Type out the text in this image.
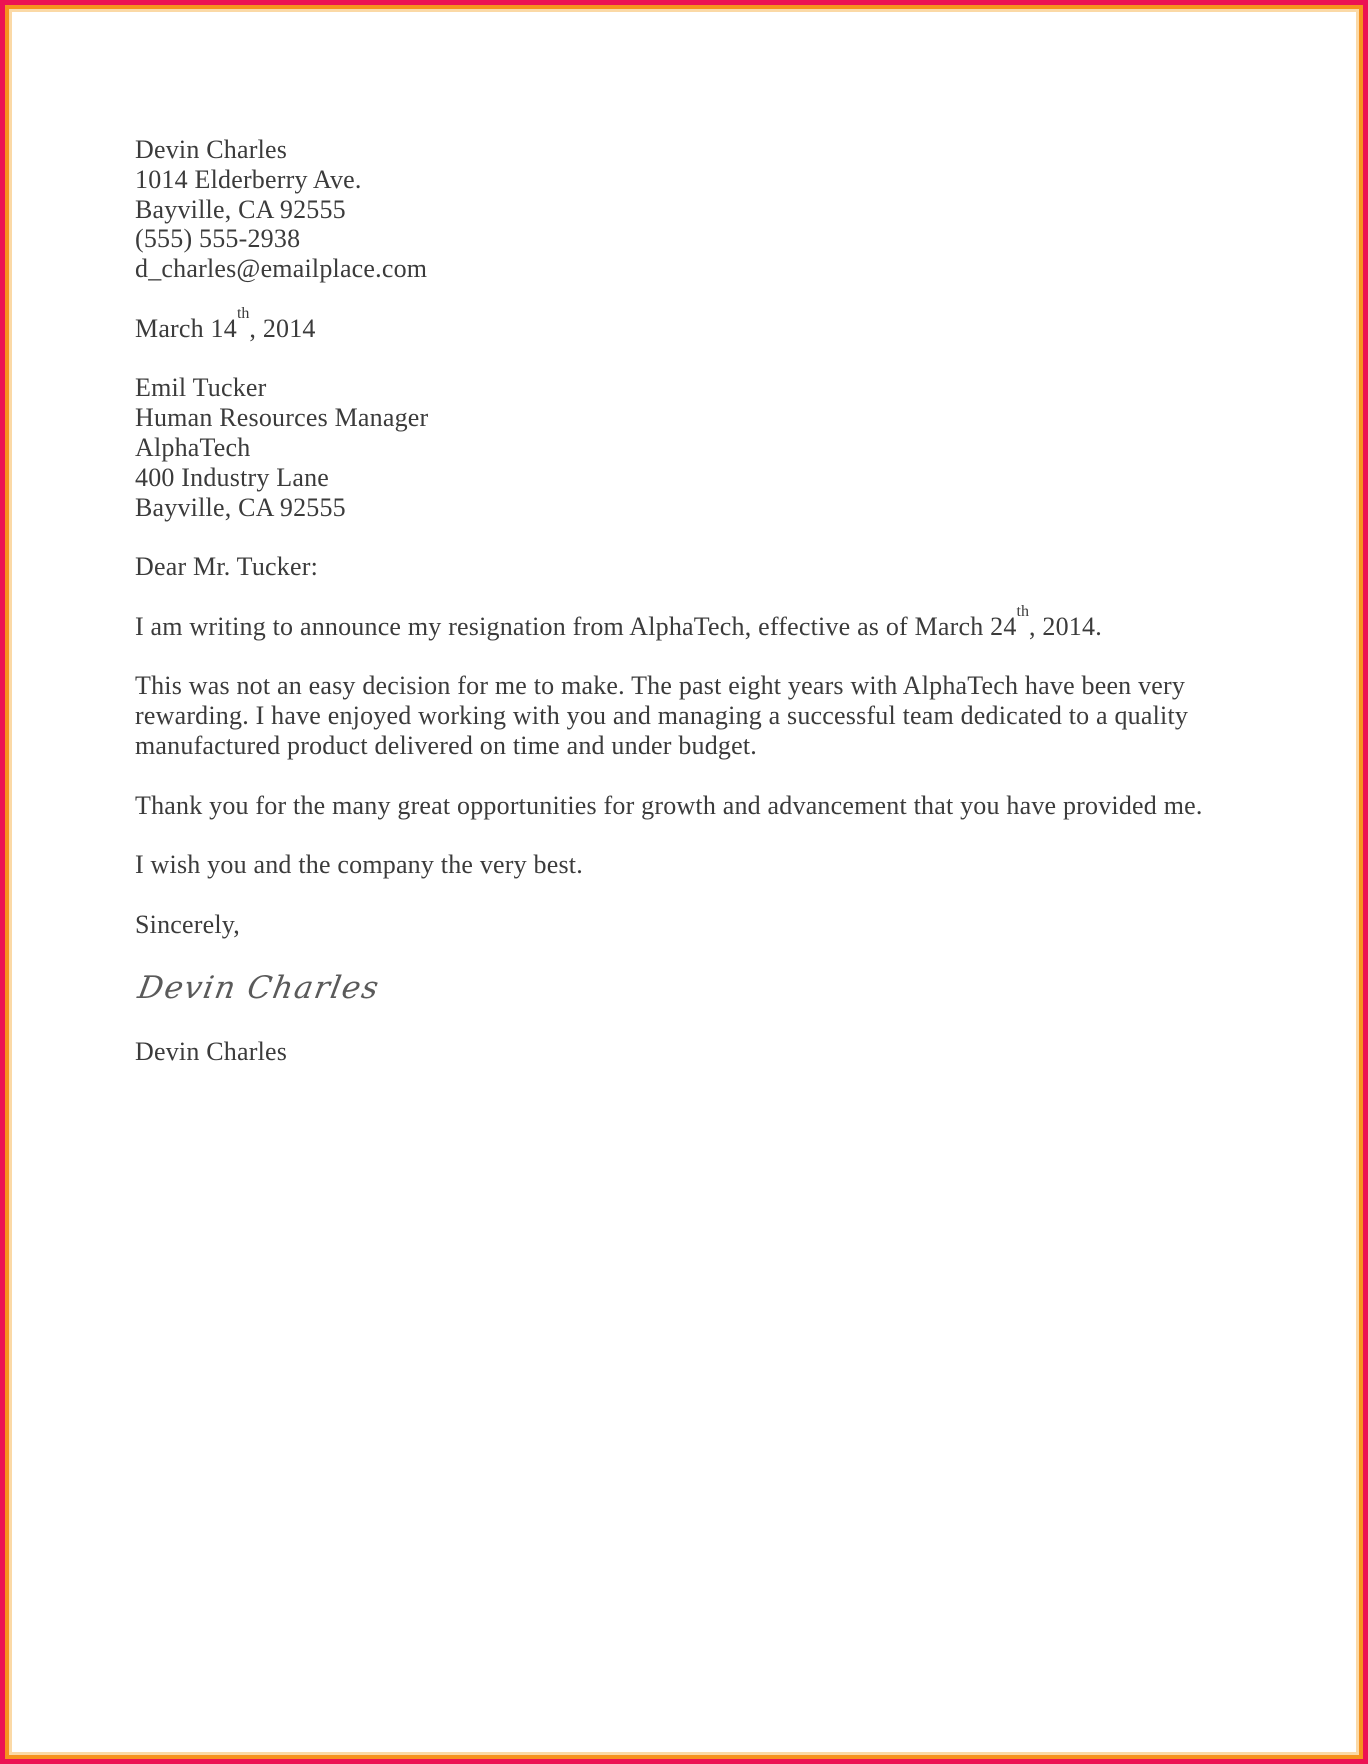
Devin Charles
1014 Elderberry Ave.
Bayville, CA 92555
(555) 555-2938
d_charles@emailplace.com
March 14th, 2014
Emil Tucker
Human Resources Manager
AlphaTech
400 Industry Lane
Bayville, CA 92555
Dear Mr. Tucker:
I am writing to announce my resignation from AlphaTech, effective as of March 24th, 2014.
This was not an easy decision for me to make. The past eight years with AlphaTech have been very
rewarding. I have enjoyed working with you and managing a successful team dedicated to a quality
manufactured product delivered on time and under budget.
Thank you for the many great opportunities for growth and advancement that you have provided me.
I wish you and the company the very best.
Sincerely,
Devin Charles
Devin Charles
